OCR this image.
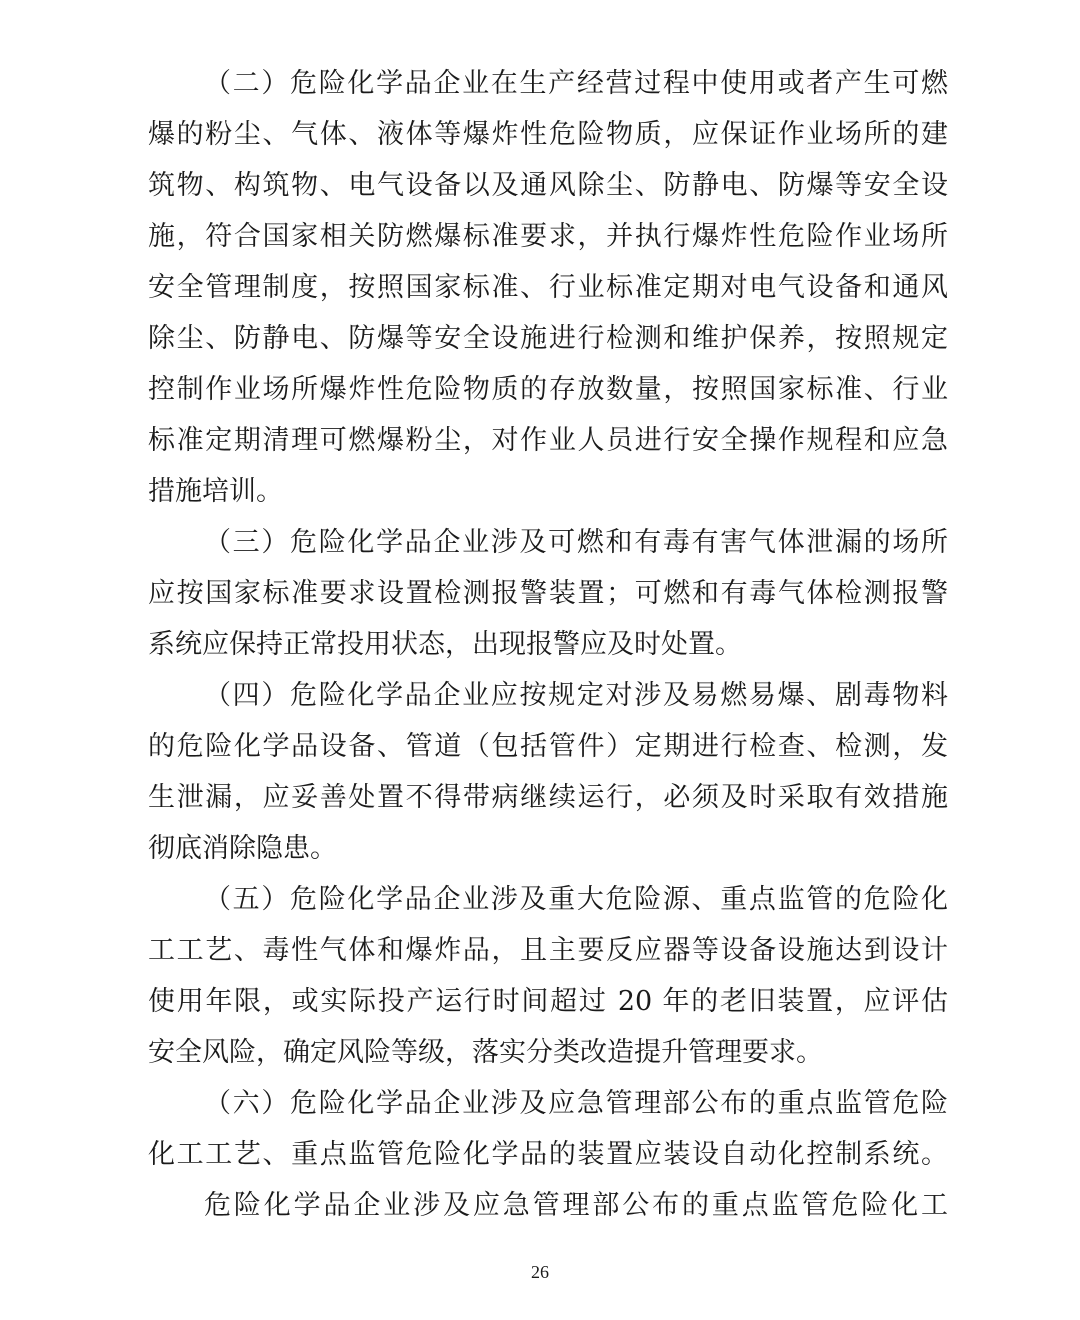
（二）危险化学品企业在生产经营过程中使用或者产生可燃
爆的粉尘、气体、液体等爆炸性危险物质，应保证作业场所的建
筑物、构筑物、电气设备以及通风除尘、防静电、防爆等安全设
施，符合国家相关防燃爆标准要求，并执行爆炸性危险作业场所
安全管理制度，按照国家标准、行业标准定期对电气设备和通风
除尘、防静电、防爆等安全设施进行检测和维护保养，按照规定
控制作业场所爆炸性危险物质的存放数量，按照国家标准、行业
标准定期清理可燃爆粉尘，对作业人员进行安全操作规程和应急
措施培训。
（三）危险化学品企业涉及可燃和有毒有害气体泄漏的场所
应按国家标准要求设置检测报警装置；可燃和有毒气体检测报警
系统应保持正常投用状态，出现报警应及时处置。
（四）危险化学品企业应按规定对涉及易燃易爆、剧毒物料
的危险化学品设备、管道（包括管件）定期进行检查、检测，发
生泄漏，应妥善处置不得带病继续运行，必须及时采取有效措施
彻底消除隐患。
（五）危险化学品企业涉及重大危险源、重点监管的危险化
工工艺、毒性气体和爆炸品，且主要反应器等设备设施达到设计
使用年限，或实际投产运行时间超过 20 年的老旧装置，应评估
安全风险，确定风险等级，落实分类改造提升管理要求。
（六）危险化学品企业涉及应急管理部公布的重点监管危险
化工工艺、重点监管危险化学品的装置应装设自动化控制系统。
危险化学品企业涉及应急管理部公布的重点监管危险化工
26
